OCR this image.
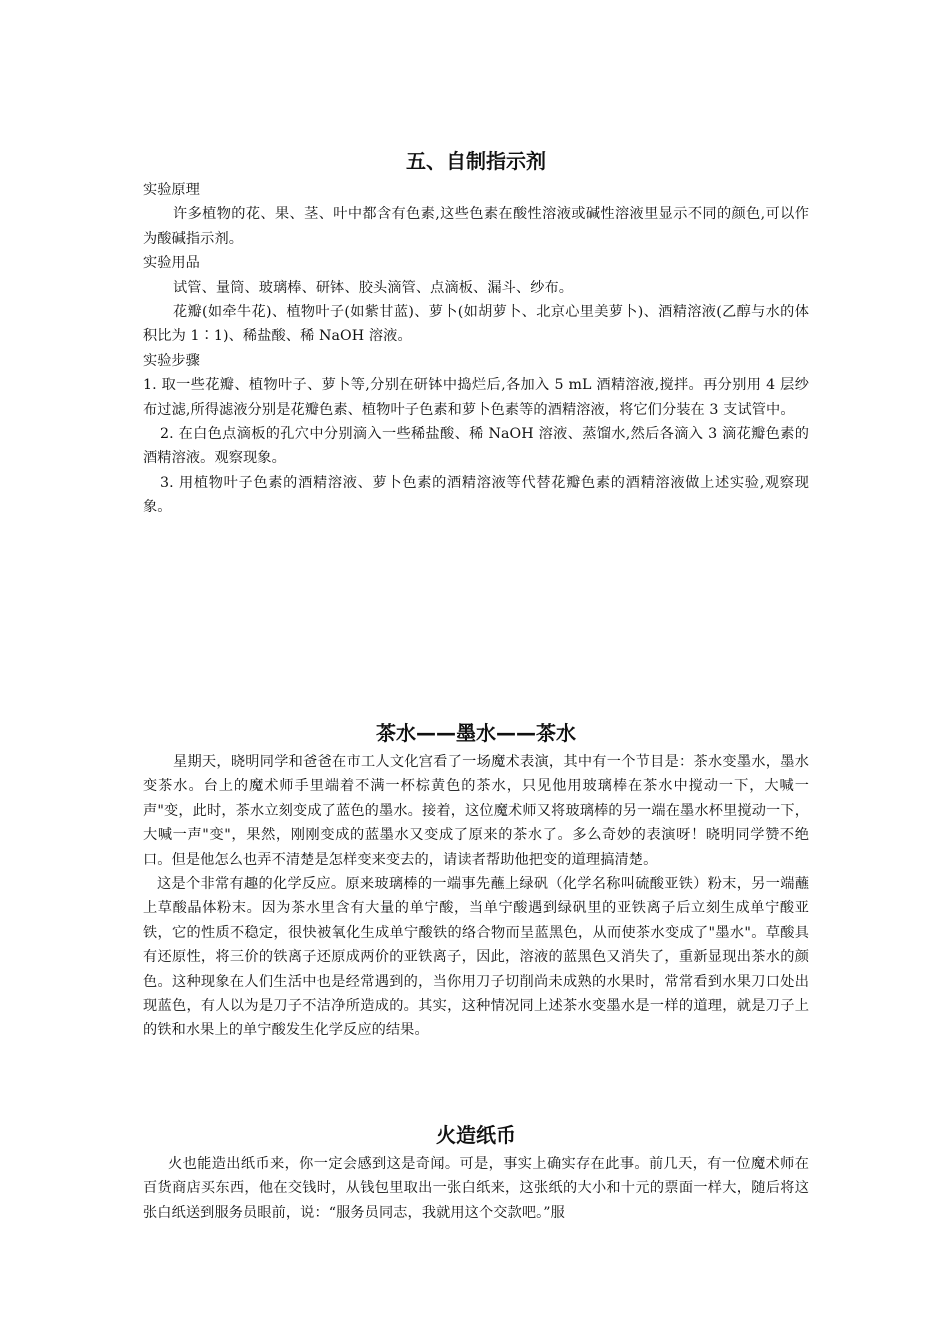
五、自制指示剂

实验原理

许多植物的花、果、茎、叶中都含有色素,这些色素在酸性溶液或碱性溶液里显示不同的颜色,可以作为酸碱指示剂。

实验用品

试管、量筒、玻璃棒、研钵、胶头滴管、点滴板、漏斗、纱布。

花瓣(如牵牛花)、植物叶子(如紫甘蓝)、萝卜(如胡萝卜、北京心里美萝卜)、酒精溶液(乙醇与水的体积比为 1∶1)、稀盐酸、稀 NaOH 溶液。

实验步骤

1. 取一些花瓣、植物叶子、萝卜等,分别在研钵中捣烂后,各加入 5 mL 酒精溶液,搅拌。再分别用 4 层纱布过滤,所得滤液分别是花瓣色素、植物叶子色素和萝卜色素等的酒精溶液，将它们分装在 3 支试管中。

2. 在白色点滴板的孔穴中分别滴入一些稀盐酸、稀 NaOH 溶液、蒸馏水,然后各滴入 3 滴花瓣色素的酒精溶液。观察现象。

3. 用植物叶子色素的酒精溶液、萝卜色素的酒精溶液等代替花瓣色素的酒精溶液做上述实验,观察现象。

茶水——墨水——茶水

星期天，晓明同学和爸爸在市工人文化宫看了一场魔术表演，其中有一个节目是：茶水变墨水，墨水变茶水。台上的魔术师手里端着不满一杯棕黄色的茶水，只见他用玻璃棒在茶水中搅动一下，大喊一声"变，此时，茶水立刻变成了蓝色的墨水。接着，这位魔术师又将玻璃棒的另一端在墨水杯里搅动一下，大喊一声"变"，果然，刚刚变成的蓝墨水又变成了原来的茶水了。多么奇妙的表演呀！晓明同学赞不绝口。但是他怎么也弄不清楚是怎样变来变去的，请读者帮助他把变的道理搞清楚。

这是个非常有趣的化学反应。原来玻璃棒的一端事先蘸上绿矾（化学名称叫硫酸亚铁）粉末，另一端蘸上草酸晶体粉末。因为茶水里含有大量的单宁酸，当单宁酸遇到绿矾里的亚铁离子后立刻生成单宁酸亚铁，它的性质不稳定，很快被氧化生成单宁酸铁的络合物而呈蓝黑色，从而使茶水变成了"墨水"。草酸具有还原性，将三价的铁离子还原成两价的亚铁离子，因此，溶液的蓝黑色又消失了，重新显现出茶水的颜色。这种现象在人们生活中也是经常遇到的，当你用刀子切削尚未成熟的水果时，常常看到水果刀口处出现蓝色，有人以为是刀子不洁净所造成的。其实，这种情况同上述茶水变墨水是一样的道理，就是刀子上的铁和水果上的单宁酸发生化学反应的结果。

火造纸币

火也能造出纸币来，你一定会感到这是奇闻。可是，事实上确实存在此事。前几天，有一位魔术师在百货商店买东西，他在交钱时，从钱包里取出一张白纸来，这张纸的大小和十元的票面一样大，随后将这张白纸送到服务员眼前，说：“服务员同志，我就用这个交款吧。”服
